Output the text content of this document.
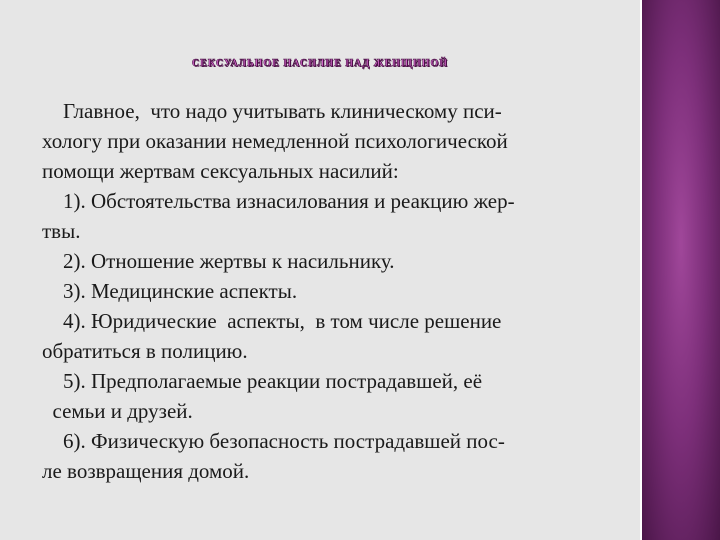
СЕКСУАЛЬНОЕ НАСИЛИЕ НАД ЖЕНЩИНОЙ
Главное,  что надо учитывать клиническому пси-
хологу при оказании немедленной психологической
помощи жертвам сексуальных насилий:
1). Обстоятельства изнасилования и реакцию жер-
твы.
2). Отношение жертвы к насильнику.
3). Медицинские аспекты.
4). Юридические  аспекты,  в том числе решение
обратиться в полицию.
5). Предполагаемые реакции пострадавшей, её
семьи и друзей.
6). Физическую безопасность пострадавшей пос-
ле возвращения домой.
